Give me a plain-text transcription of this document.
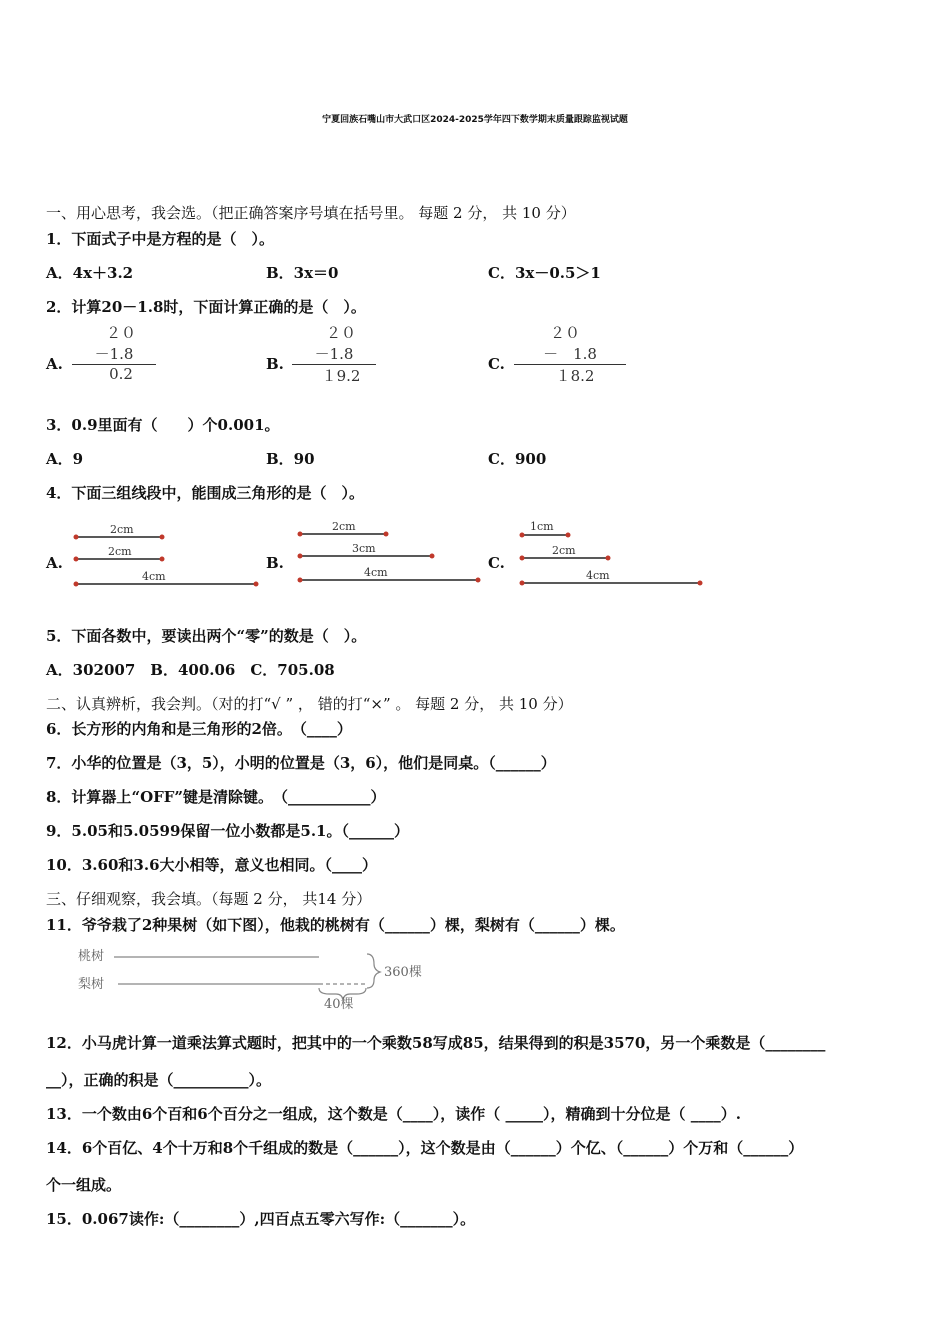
宁夏回族石嘴山市大武口区2024-2025学年四下数学期末质量跟踪监视试题
一、用心思考，我会选。（把正确答案序号填在括号里。 每题 2 分， 共 10 分）
1．下面式子中是方程的是（　）。
A．4x＋3.2	B．3x＝0	C．3x－0.5＞1
2．计算20－1.8时，下面计算正确的是（　）。
A.
２０
－1.8
0.2
B.
２０
－1.8
１9.2
C.
２０
－　1.8
１8.2
3．0.9里面有（　　）个0.001。
A．9	B．90	C．900
4．下面三组线段中，能围成三角形的是（　）。
A.
2cm
2cm
4cm
B.
2cm
3cm
4cm
C.
1cm
2cm
4cm
5．下面各数中，要读出两个“零”的数是（　）。
A．302007　B．400.06　C．705.08
二、认真辨析，我会判。（对的打“√ ” ， 错的打“×” 。 每题 2 分， 共 10 分）
6．长方形的内角和是三角形的2倍。　（____）
7．小华的位置是（3，5），小明的位置是（3，6），他们是同桌。（______）
8．计算器上“OFF”键是清除键。　（___________）
9．5.05和5.0599保留一位小数都是5.1。（______）
10．3.60和3.6大小相等，意义也相同。（____）
三、仔细观察，我会填。（每题 2 分， 共14 分）
11．爷爷栽了2种果树（如下图），他栽的桃树有（______）棵，梨树有（______）棵。
桃树
梨树
360棵
40棵
12．小马虎计算一道乘法算式题时，把其中的一个乘数58写成85，结果得到的积是3570，另一个乘数是（________
__），正确的积是（__________）。
13．一个数由6个百和6个百分之一组成，这个数是（____），读作（ _____），精确到十分位是（ ____）.
14．6个百亿、4个十万和8个千组成的数是（______），这个数是由（______）个亿、（______）个万和（______）
个一组成。
15．0.067读作:（________）,四百点五零六写作:（_______）。
